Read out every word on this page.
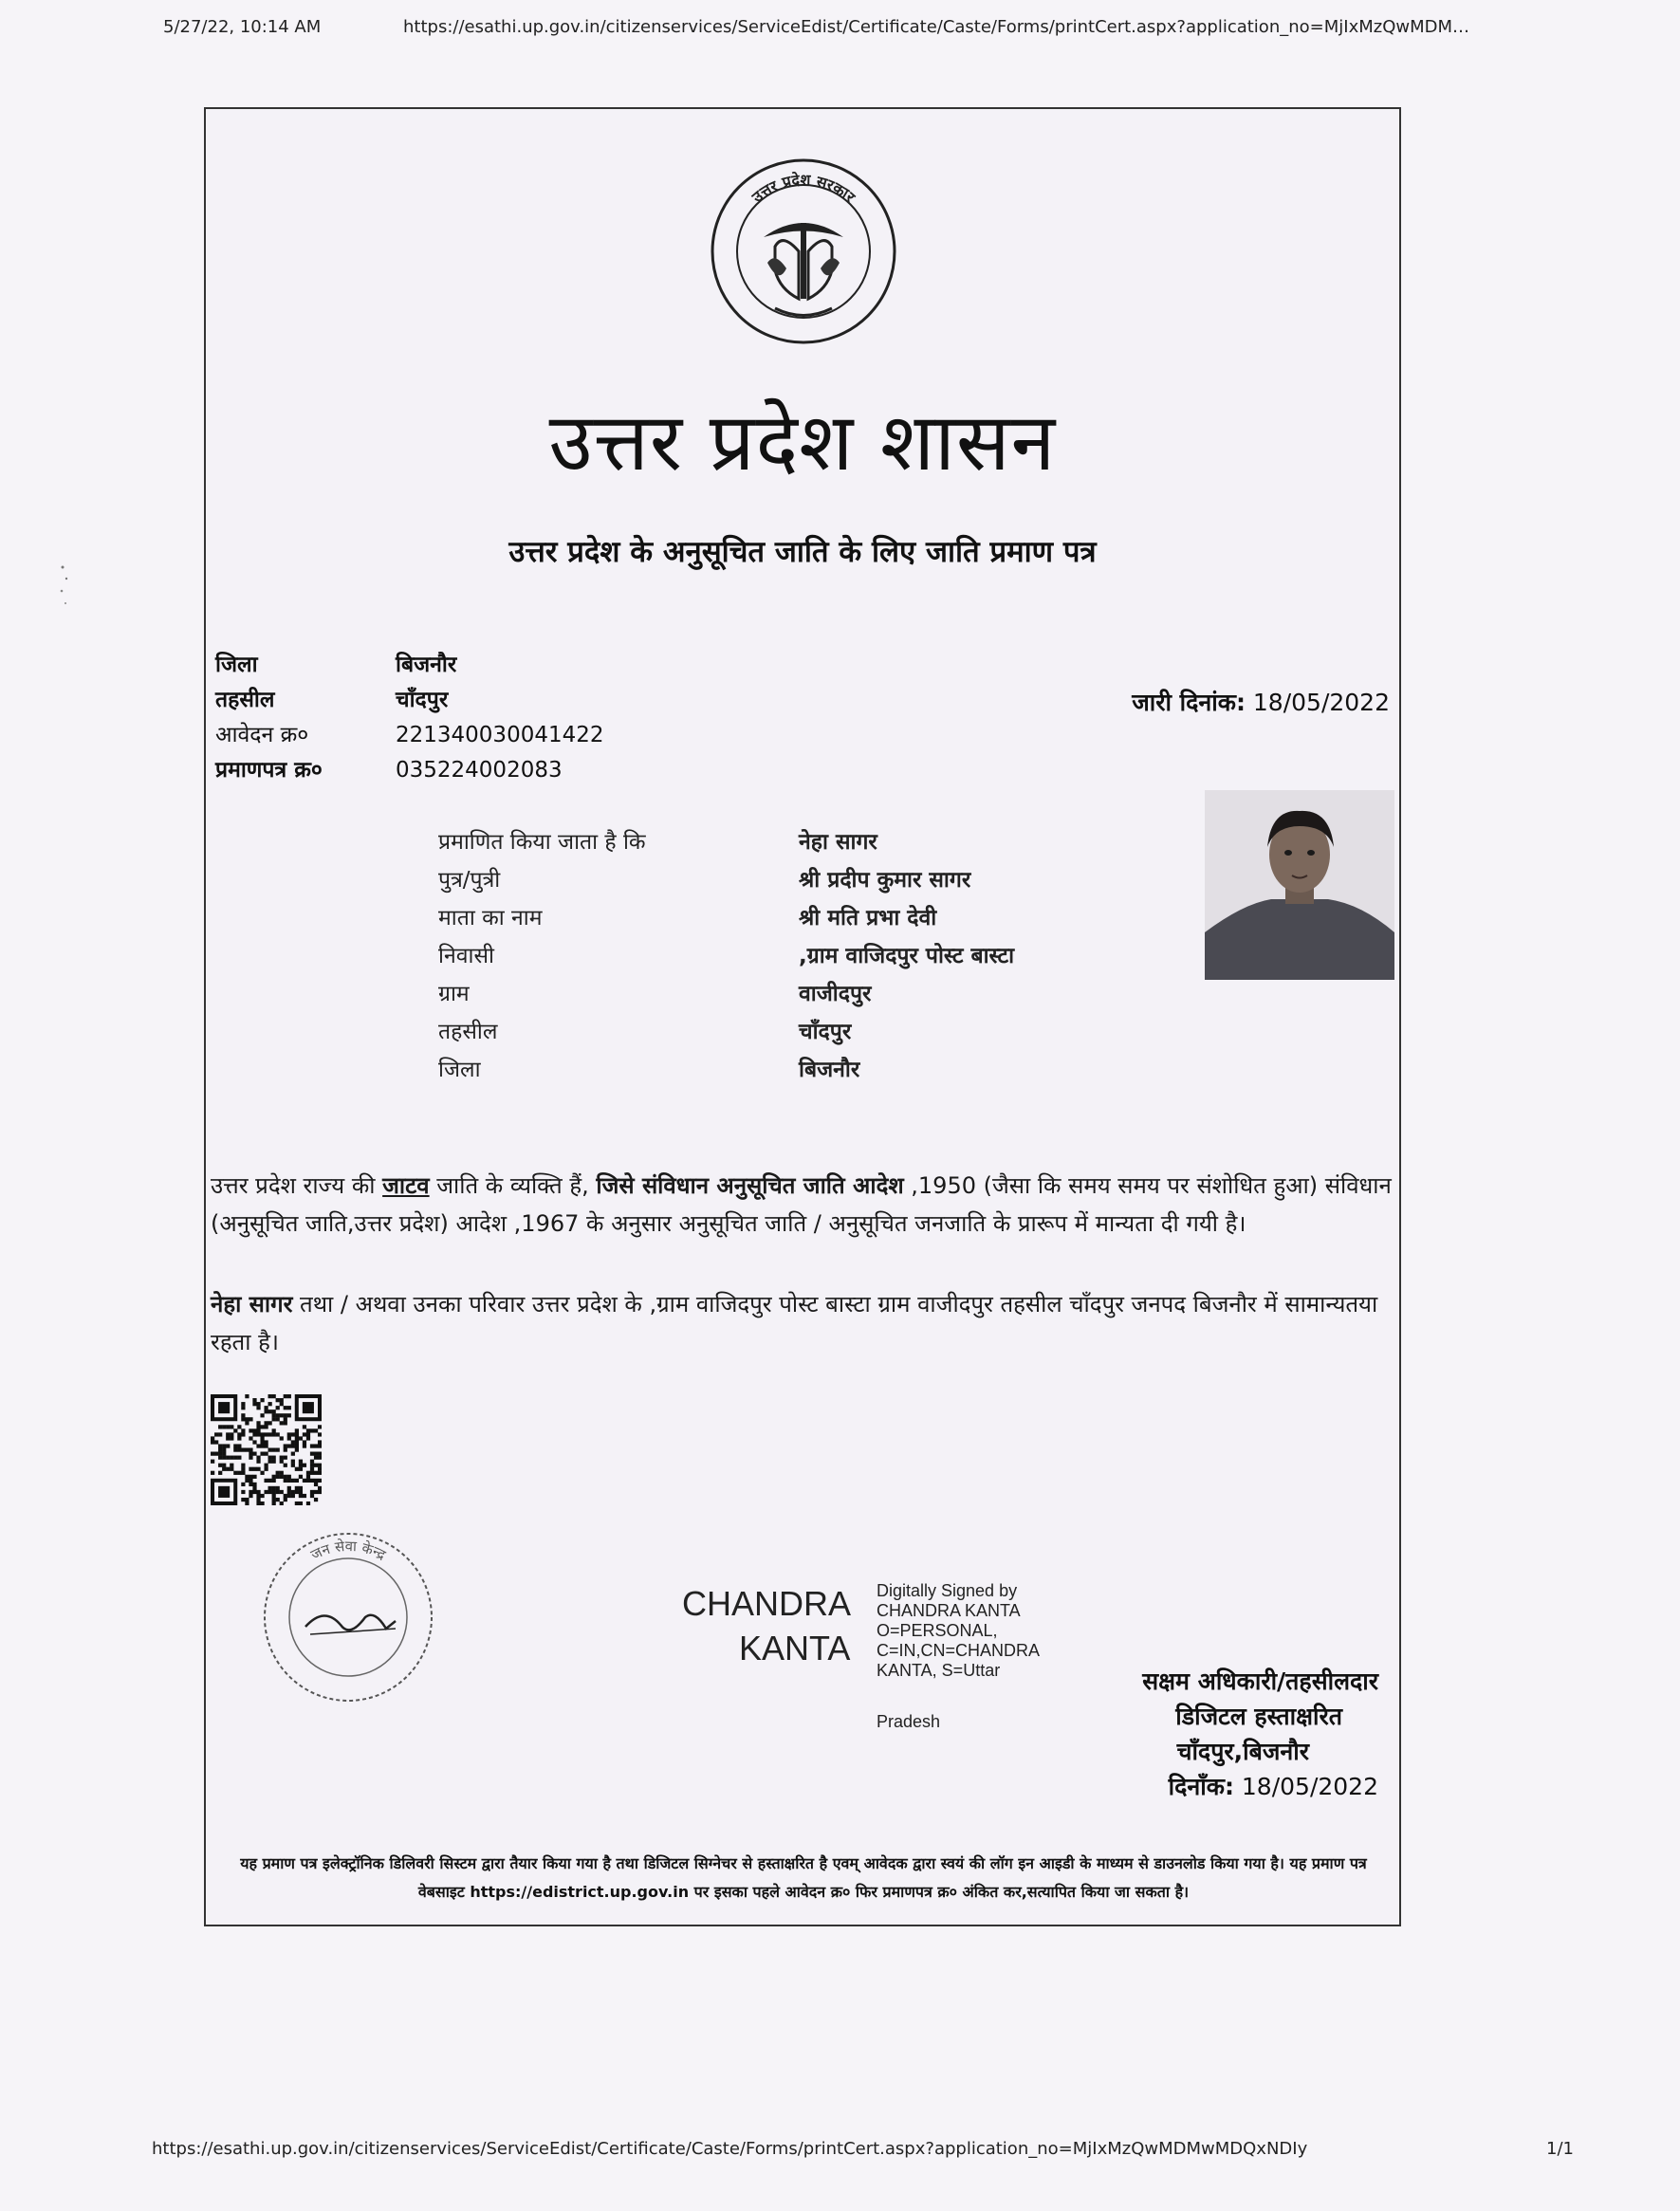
5/27/22, 10:14 AM	https://esathi.up.gov.in/citizenservices/ServiceEdist/Certificate/Caste/Forms/printCert.aspx?application_no=MjIxMzQwMDM…
उत्तर प्रदेश सरकार
उत्तर प्रदेश शासन
उत्तर प्रदेश के अनुसूचित जाति के लिए जाति प्रमाण पत्र
जिला	बिजनौर
तहसील	चाँदपुर
आवेदन क्र०	221340030041422
प्रमाणपत्र क्र०	035224002083
जारी दिनांक: 18/05/2022
प्रमाणित किया जाता है कि	नेहा सागर
पुत्र/पुत्री	श्री प्रदीप कुमार सागर
माता का नाम	श्री मति प्रभा देवी
निवासी	,ग्राम वाजिदपुर पोस्ट बास्टा
ग्राम	वाजीदपुर
तहसील	चाँदपुर
जिला	बिजनौर
उत्तर प्रदेश राज्य की जाटव जाति के व्यक्ति हैं, जिसे संविधान अनुसूचित जाति आदेश ,1950 (जैसा कि समय समय पर संशोधित हुआ) संविधान (अनुसूचित जाति,उत्तर प्रदेश) आदेश ,1967 के अनुसार अनुसूचित जाति / अनुसूचित जनजाति के प्रारूप में मान्यता दी गयी है।
नेहा सागर तथा / अथवा उनका परिवार उत्तर प्रदेश के ,ग्राम वाजिदपुर पोस्ट बास्टा ग्राम वाजीदपुर तहसील चाँदपुर जनपद बिजनौर में सामान्यतया रहता है।
जन सेवा केन्द्र
CHANDRA
KANTA
Digitally Signed by
CHANDRA KANTA
O=PERSONAL,
C=IN,CN=CHANDRA
KANTA, S=Uttar
Pradesh
सक्षम अधिकारी/तहसीलदार
डिजिटल हस्ताक्षरित
चाँदपुर,बिजनौर
दिनाँक: 18/05/2022
यह प्रमाण पत्र इलेक्ट्रॉनिक डिलिवरी सिस्टम द्वारा तैयार किया गया है तथा डिजिटल सिग्नेचर से हस्ताक्षरित है एवम् आवेदक द्वारा स्वयं की लॉग इन आइडी के माध्यम से डाउनलोड किया गया है। यह प्रमाण पत्र वेबसाइट https://edistrict.up.gov.in पर इसका पहले आवेदन क्र० फिर प्रमाणपत्र क्र० अंकित कर,सत्यापित किया जा सकता है।
https://esathi.up.gov.in/citizenservices/ServiceEdist/Certificate/Caste/Forms/printCert.aspx?application_no=MjIxMzQwMDMwMDQxNDIy	1/1
